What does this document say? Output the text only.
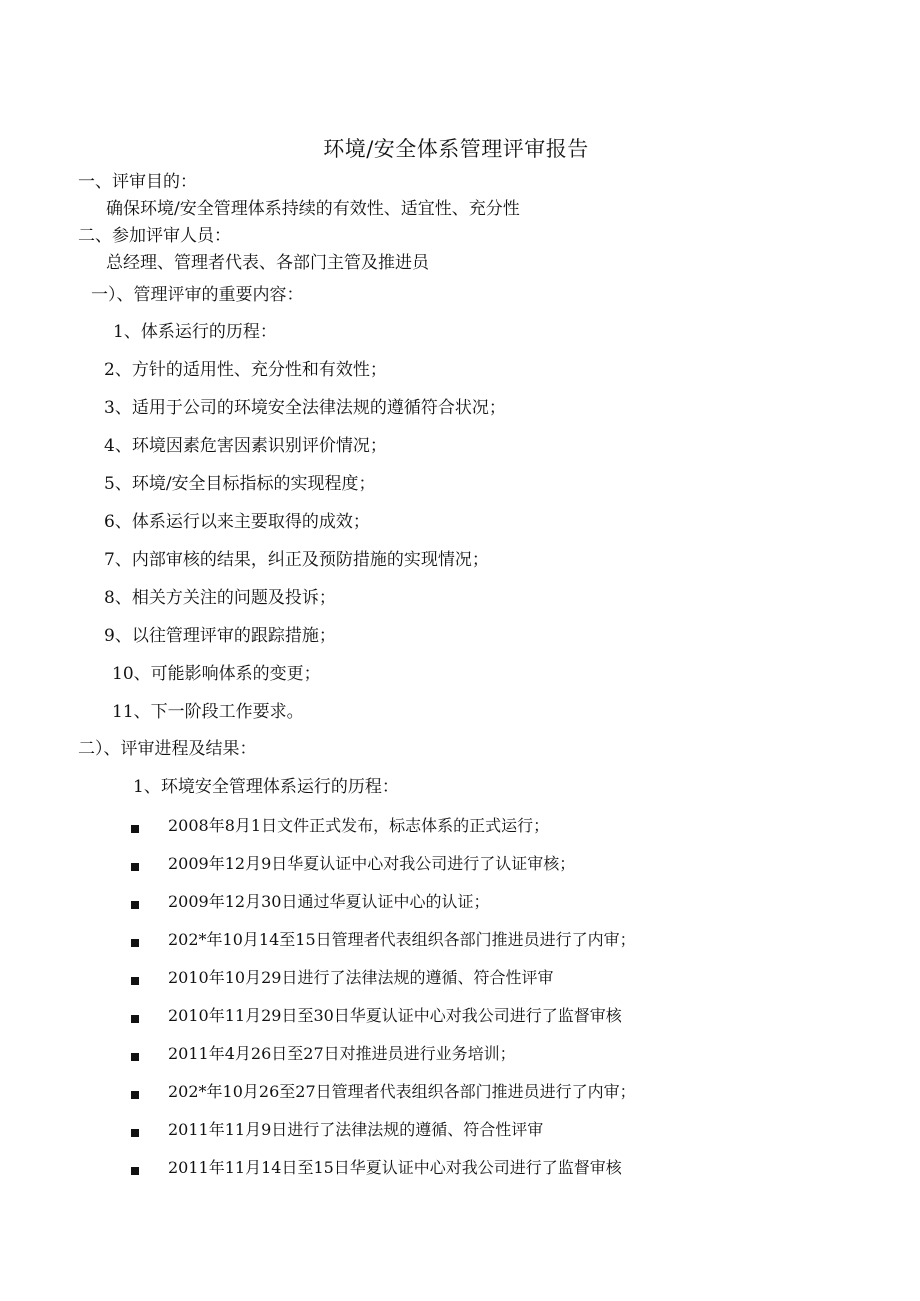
环境/安全体系管理评审报告
一、评审目的：
确保环境/安全管理体系持续的有效性、适宜性、充分性
二、参加评审人员：
总经理、管理者代表、各部门主管及推进员
一）、管理评审的重要内容：
1、体系运行的历程：
2、方针的适用性、充分性和有效性；
3、适用于公司的环境安全法律法规的遵循符合状况；
4、环境因素危害因素识别评价情况；
5、环境/安全目标指标的实现程度；
6、体系运行以来主要取得的成效；
7、内部审核的结果，纠正及预防措施的实现情况；
8、相关方关注的问题及投诉；
9、以往管理评审的跟踪措施；
10、可能影响体系的变更；
11、下一阶段工作要求。
二）、评审进程及结果：
1、环境安全管理体系运行的历程：
2008年8月1日文件正式发布，标志体系的正式运行；
2009年12月9日华夏认证中心对我公司进行了认证审核；
2009年12月30日通过华夏认证中心的认证；
202*年10月14至15日管理者代表组织各部门推进员进行了内审；
2010年10月29日进行了法律法规的遵循、符合性评审
2010年11月29日至30日华夏认证中心对我公司进行了监督审核
2011年4月26日至27日对推进员进行业务培训；
202*年10月26至27日管理者代表组织各部门推进员进行了内审；
2011年11月9日进行了法律法规的遵循、符合性评审
2011年11月14日至15日华夏认证中心对我公司进行了监督审核
